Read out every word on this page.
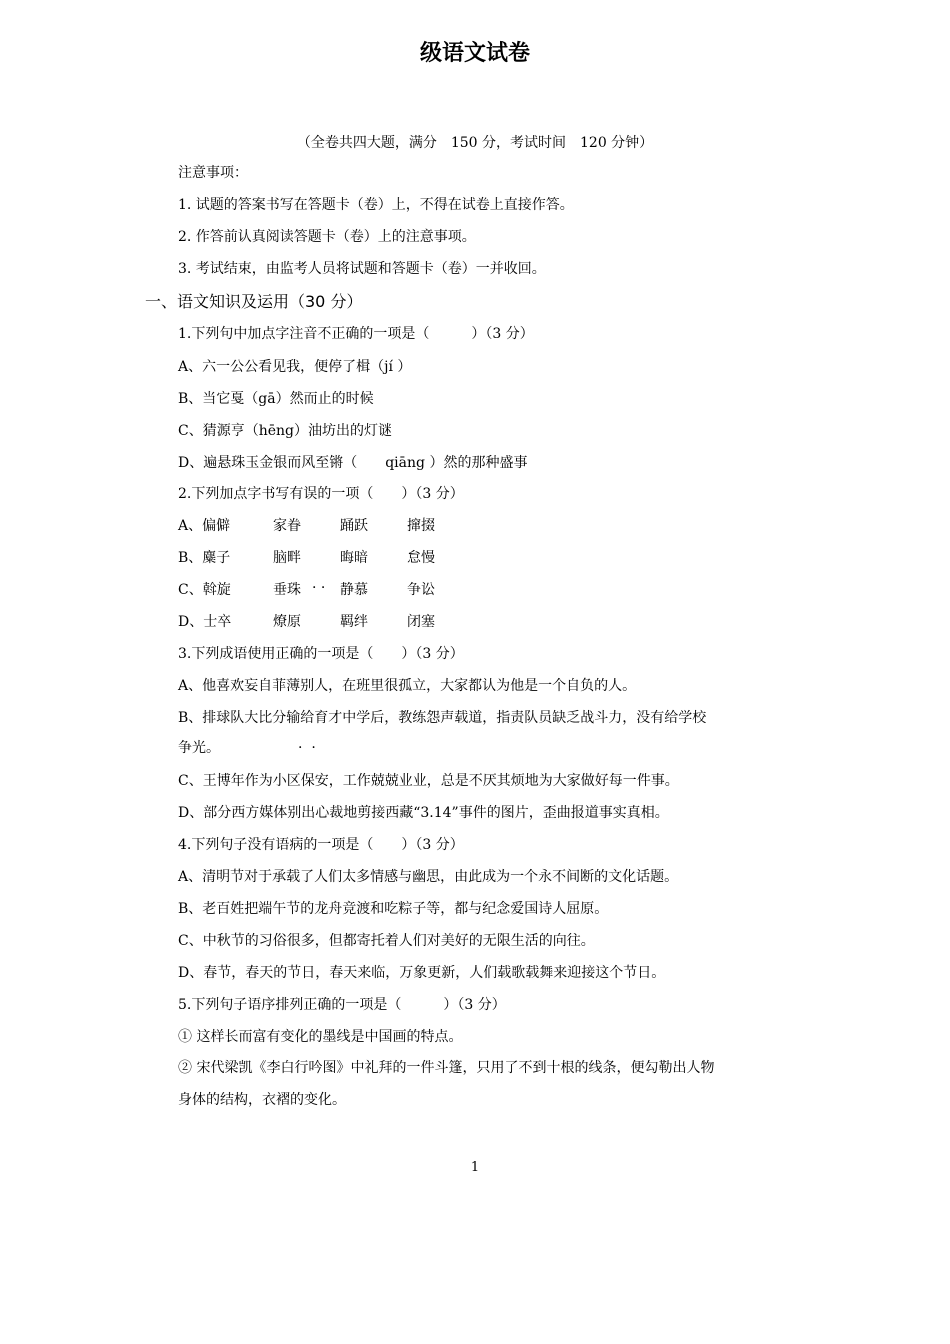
级语文试卷
（全卷共四大题，满分　150 分，考试时间　120 分钟）
注意事项：
1. 试题的答案书写在答题卡（卷）上，不得在试卷上直接作答。
2. 作答前认真阅读答题卡（卷）上的注意事项。
3. 考试结束，由监考人员将试题和答题卡（卷）一并收回。
一、语文知识及运用（30 分）
1.下列句中加点字注音不正确的一项是（　　　）（3 分）
A、六一公公看见我，便停了楫（jí ）
B、当它戛（gā）然而止的时候
C、猜源亨（hēng）油坊出的灯谜
D、遍悬珠玉金银而风至锵（　　qiāng ）然的那种盛事
2.下列加点字书写有误的一项（　　）（3 分）
A、偏僻	家眷	踊跃	撺掇
B、麋子	脑畔	晦暗	怠慢
C、斡旋	垂珠	静慕	争讼
· ·
D、士卒	燎原	羁绊	闭塞
3.下列成语使用正确的一项是（　　）（3 分）
A、他喜欢妄自菲薄别人，在班里很孤立，大家都认为他是一个自负的人。
B、排球队大比分输给育才中学后，教练怨声载道，指责队员缺乏战斗力，没有给学校
争光。	·  ·
C、王博年作为小区保安，工作兢兢业业，总是不厌其烦地为大家做好每一件事。
D、部分西方媒体别出心裁地剪接西藏“3.14”事件的图片，歪曲报道事实真相。
4.下列句子没有语病的一项是（　　）（3 分）
A、清明节对于承载了人们太多情感与幽思，由此成为一个永不间断的文化话题。
B、老百姓把端午节的龙舟竞渡和吃粽子等，都与纪念爱国诗人屈原。
C、中秋节的习俗很多，但都寄托着人们对美好的无限生活的向往。
D、春节，春天的节日，春天来临，万象更新，人们载歌载舞来迎接这个节日。
5.下列句子语序排列正确的一项是（　　　）（3 分）
① 这样长而富有变化的墨线是中国画的特点。
② 宋代梁凯《李白行吟图》中礼拜的一件斗篷，只用了不到十根的线条，便勾勒出人物
身体的结构，衣褶的变化。
1
